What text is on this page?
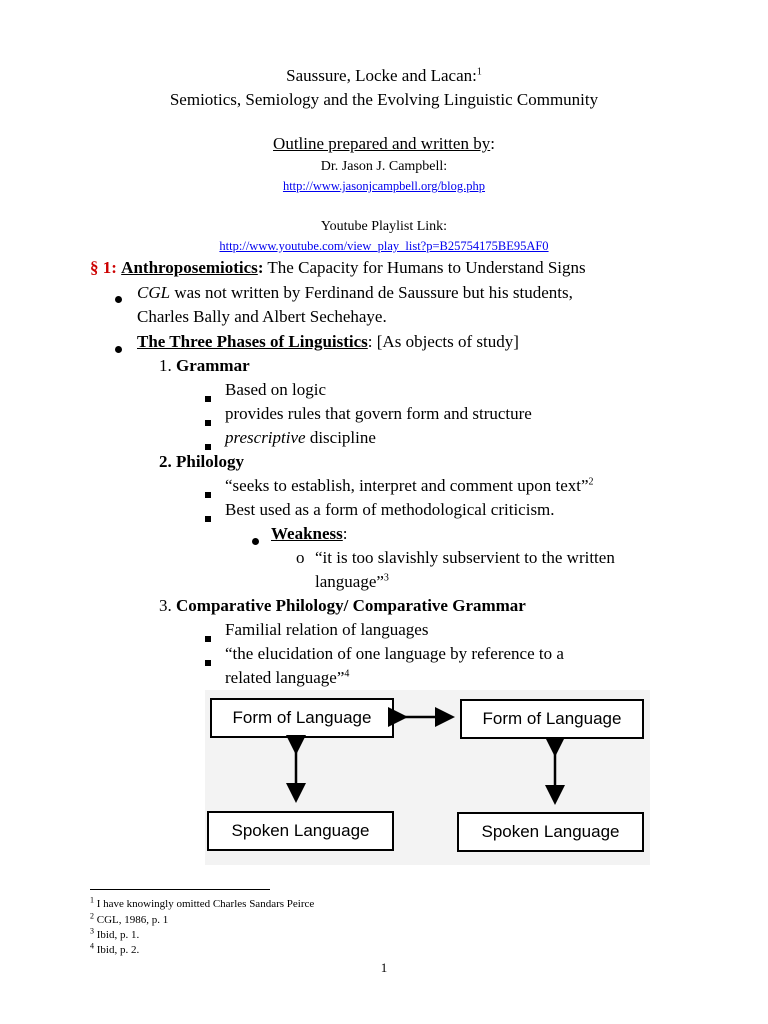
Saussure, Locke and Lacan:$^1$
Semiotics, Semiology and the Evolving Linguistic Community
Outline prepared and written by:
Dr. Jason J. Campbell:
http://www.jasonjcampbell.org/blog.php
Youtube Playlist Link:
http://www.youtube.com/view_play_list?p=B25754175BE95AF0
§ 1: Anthroposemiotics: The Capacity for Humans to Understand Signs
CGL was not written by Ferdinand de Saussure but his students,
Charles Bally and Albert Sechehaye.
The Three Phases of Linguistics: [As objects of study]
1. Grammar
Based on logic
provides rules that govern form and structure
prescriptive discipline
2. Philology
“seeks to establish, interpret and comment upon text”$^2$
Best used as a form of methodological criticism.
Weakness:
o “it is too slavishly subservient to the written
language”$^3$
3. Comparative Philology/ Comparative Grammar
Familial relation of languages
“the elucidation of one language by reference to a
related language”$^4$
Form of Language	Form of Language
Spoken Language	Spoken Language
$^1$ I have knowingly omitted Charles Sandars Peirce
$^2$ CGL, 1986, p. 1
$^3$ Ibid, p. 1.
$^4$ Ibid, p. 2.
1
